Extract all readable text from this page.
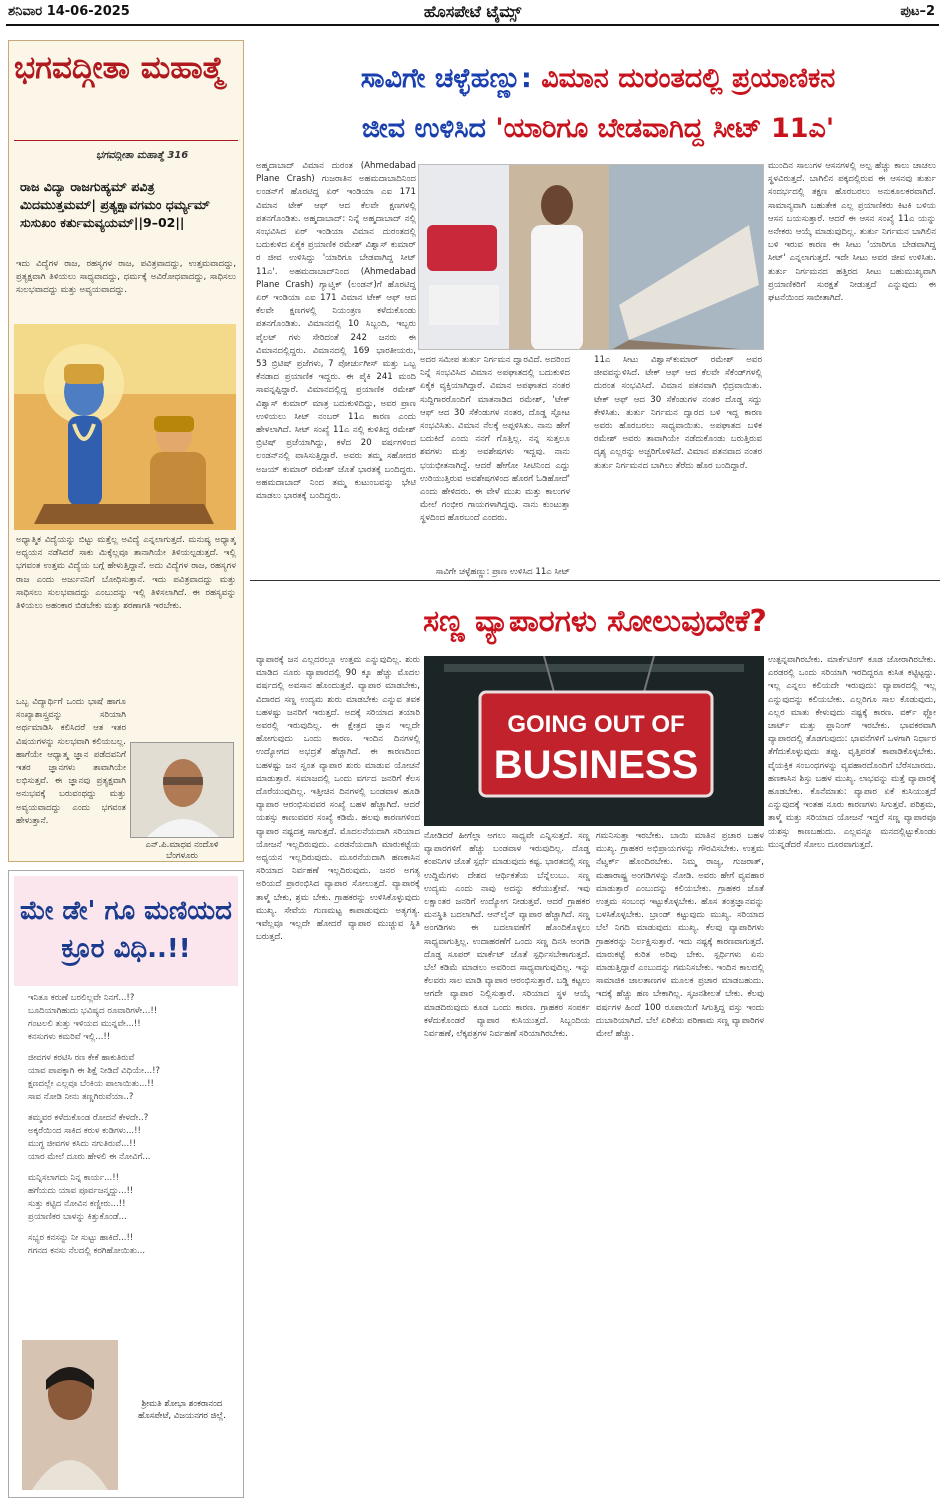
ಶನಿವಾರ 14-06-2025	ಹೊಸಪೇಟೆ ಟೈಮ್ಸ್	ಪುಟ–2
ಭಗವದ್ಗೀತಾ ಮಹಾತ್ಮೆ
ಭಗವದ್ಗೀತಾ ಮಹಾತ್ಮೆ 316
ರಾಜ ವಿದ್ಯಾ ರಾಜಗುಹ್ಯಮ್ ಪವಿತ್ರ ಮಿದಮುತ್ತಮಮ್| ಪ್ರತ್ಯಕ್ಷಾವಗಮಂ ಧರ್ಮ್ಯಮ್ ಸುಸುಖಂ ಕರ್ತುಮವ್ಯಯಮ್||9–02||
ಇದು ವಿದ್ಯೆಗಳ ರಾಜ, ರಹಸ್ಯಗಳ ರಾಜ, ಪವಿತ್ರವಾದದ್ದು, ಉತ್ತಮವಾದದ್ದು, ಪ್ರತ್ಯಕ್ಷವಾಗಿ ತಿಳಿಯಲು ಸಾಧ್ಯವಾದದ್ದು, ಧರ್ಮಕ್ಕೆ ಅವಿರೋಧವಾದದ್ದು, ಸಾಧಿಸಲು ಸುಲಭವಾದದ್ದು ಮತ್ತು ಅವ್ಯಯವಾದದ್ದು.
ಅಧ್ಯಾತ್ಮಿಕ ವಿದ್ಯೆಯನ್ನು ಬಿಟ್ಟು ಮತ್ತೆಲ್ಲ ಅವಿದ್ಯೆ ಎನ್ನಲಾಗುತ್ತದೆ. ಮನುಷ್ಯ ಅಧ್ಯಾತ್ಮ ಅಧ್ಯಯನ ನಡೆಸಿದರೆ ಸಾಕು ಮಿಕ್ಕೆಲ್ಲವೂ ತಾನಾಗಿಯೇ ತಿಳಿಯಲ್ಪಡುತ್ತದೆ. ಇಲ್ಲಿ ಭಗವಂತ ಉತ್ತಮ ವಿದ್ಯೆಯ ಬಗ್ಗೆ ಹೇಳುತ್ತಿದ್ದಾನೆ. ಅದು ವಿದ್ಯೆಗಳ ರಾಜ, ರಹಸ್ಯಗಳ ರಾಜ ಎಂದು ಅರ್ಜುನನಿಗೆ ಬೋಧಿಸುತ್ತಾನೆ. ಇದು ಪವಿತ್ರವಾದದ್ದು ಮತ್ತು ಸಾಧಿಸಲು ಸುಲಭವಾದದ್ದು ಎಂಬುದನ್ನು ಇಲ್ಲಿ ತಿಳಿಸಲಾಗಿದೆ. ಈ ರಹಸ್ಯವನ್ನು ತಿಳಿಯಲು ಅಹಂಕಾರ ಬಿಡಬೇಕು ಮತ್ತು ಶರಣಾಗತಿ ಇರಬೇಕು.
ಒಬ್ಬ ವಿದ್ಯಾರ್ಥಿಗೆ ಒಂದು ಭಾಷೆ ಹಾಗೂ ಸಂಖ್ಯಾಶಾಸ್ತ್ರವನ್ನು ಸರಿಯಾಗಿ ಅರ್ಥಮಾಡಿಸಿ ಕಲಿಸಿದರೆ ಆತ ಇತರ ವಿಷಯಗಳನ್ನು ಸುಲಭವಾಗಿ ಕಲಿಯಬಲ್ಲ. ಹಾಗೆಯೇ ಆಧ್ಯಾತ್ಮ ಜ್ಞಾನ ಪಡೆದವನಿಗೆ ಇತರ ಜ್ಞಾನಗಳು ತಾವಾಗಿಯೇ ಲಭಿಸುತ್ತವೆ. ಈ ಜ್ಞಾನವು ಪ್ರತ್ಯಕ್ಷವಾಗಿ ಅನುಭವಕ್ಕೆ ಬರುವಂಥದ್ದು ಮತ್ತು ಅವ್ಯಯವಾದದ್ದು ಎಂದು ಭಗವಂತ ಹೇಳುತ್ತಾನೆ.
ಎನ್.ಪಿ.ಮಾಧವ ನಂದೊಳಿ ಬೆಂಗಳೂರು
ಮೇ ಡೇ' ಗೂ ಮಣಿಯದ ಕ್ರೂರ ವಿಧಿ..!!
ಇನಿತೂ ಕರುಣೆ ಬರಲಿಲ್ಲವೇ ನಿನಗೆ...!?
ಬೂದಿಯಾಗಿಹುದು ಭವಿಷ್ಯದ ರೂವಾರಿಗಳೇ...!!
ಗಂಟಲಲಿ ತುತ್ತು ಇಳಿಯದ ಮುನ್ನವೇ...!!
ಕನಸುಗಳು ಕಮರಿವೆ ಇಲ್ಲಿ...!!
ಜೀವಗಳ ಕರಟಿಸಿ ರಣ ಕೇಕೆ ಹಾಕುತಿರುವೆ
ಯಾವ ಪಾಪಕ್ಕಾಗಿ ಈ ಶಿಕ್ಷೆ ನೀಡಿದೆ ವಿಧಿಯೇ...!?
ಕ್ಷಣದಲ್ಲೇ ಎಲ್ಲವೂ ಬೆಂಕಿಯ ಪಾಲಾಯಿತು...!!
ಸಾವ ನೋಡಿ ನೀನು ತಣ್ಣಗಿರುವೆಯಾ..?
ತಮ್ಮವರ ಕಳೆದುಕೊಂಡ ರೋದನೆ ಕೇಳದೇ..?
ಅಕ್ಕರೆಯಿಂದ ಸಾಕಿದ ಕರುಳ ಕುಡಿಗಳು...!!
ಮುಗ್ಧ ಜೀವಗಳ ಕಸಿದು ನಗುತಿರುವೆ...!!
ಯಾರ ಮೇಲೆ ದೂರು ಹೇಳಲಿ ಈ ನೋವಿಗೆ...
ಮನ್ನಿಸಲಾಗದು ನಿನ್ನ ಕಾರ್ಯ...!!
ಹಗೆಯದು ಯಾವ ಪೂರ್ವಜನ್ಮದ್ದು...!!
ಸುತ್ತು ಕಟ್ಟಿದ ನೋವಿನ ಕಣ್ಣೀರು...!!
ಪ್ರಯಾಣಿಕರ ಬಾಳನ್ನು ಕಿತ್ತುಕೊಂಡೆ...
ಸಭ್ಯರ ಕನಸನ್ನು ನೀ ಸುಟ್ಟು ಹಾಕಿದೆ...!!
ಗಗನದ ಕನಸು ನೆಲದಲ್ಲಿ ಕರಗಿಹೋಯಿತು...
ಶ್ರೀಮತಿ ಶೋಭಾ ಶಂಕರಾನಂದ ಹೊಸಪೇಟೆ, ವಿಜಯನಗರ ಜಿಲ್ಲೆ.
ಸಾವಿಗೇ ಚಳ್ಳೆಹಣ್ಣು: ವಿಮಾನ ದುರಂತದಲ್ಲಿ ಪ್ರಯಾಣಿಕನ
ಜೀವ ಉಳಿಸಿದ 'ಯಾರಿಗೂ ಬೇಡವಾಗಿದ್ದ ಸೀಟ್ 11ಎ'
ಅಹ್ಮದಾಬಾದ್ ವಿಮಾನ ದುರಂತ (Ahmedabad Plane Crash) ಗುಜರಾತಿನ ಅಹಮದಾಬಾದಿನಿಂದ ಲಂಡನ್‌ಗೆ ಹೊರಟಿದ್ದ ಏರ್ ಇಂಡಿಯಾ ಎಐ 171 ವಿಮಾನ ಟೇಕ್ ಆಫ್ ಆದ ಕೆಲವೇ ಕ್ಷಣಗಳಲ್ಲಿ ಪತನಗೊಂಡಿತು. ಅಹ್ಮದಾಬಾದ್: ನಿನ್ನೆ ಅಹ್ಮದಾಬಾದ್ ನಲ್ಲಿ ಸಂಭವಿಸಿದ ಏರ್ ಇಂಡಿಯಾ ವಿಮಾನ ದುರಂತದಲ್ಲಿ ಬದುಕುಳಿದ ಏಕೈಕ ಪ್ರಯಾಣಿಕ ರಮೇಶ್ ವಿಶ್ವಾಸ್ ಕುಮಾರ್ ರ ಜೀವ ಉಳಿಸಿದ್ದು 'ಯಾರಿಗೂ ಬೇಡವಾಗಿದ್ದ ಸೀಟ್ 11ಎ'. ಅಹಮದಾಬಾದ್‌ನಿಂದ (Ahmedabad Plane Crash) ಗ್ಯಾಟ್ವಿಕ್ (ಲಂಡನ್)ಗೆ ಹೊರಟಿದ್ದ ಏರ್ ಇಂಡಿಯಾ ಎಐ 171 ವಿಮಾನ ಟೇಕ್ ಆಫ್ ಆದ ಕೆಲವೇ ಕ್ಷಣಗಳಲ್ಲಿ ನಿಯಂತ್ರಣ ಕಳೆದುಕೊಂಡು ಪತನಗೊಂಡಿತು. ವಿಮಾನದಲ್ಲಿ 10 ಸಿಬ್ಬಂದಿ, ಇಬ್ಬರು ಪೈಲಟ್ ಗಳು ಸೇರಿದಂತೆ 242 ಜನರು ಈ ವಿಮಾನದಲ್ಲಿದ್ದರು. ವಿಮಾನದಲ್ಲಿ 169 ಭಾರತೀಯರು, 53 ಬ್ರಿಟಿಷ್ ಪ್ರಜೆಗಳು, 7 ಪೋರ್ಚುಗೀಸ್ ಮತ್ತು ಒಬ್ಬ ಕೆನಡಾದ ಪ್ರಯಾಣಿಕ ಇದ್ದರು. ಈ ಪೈಕಿ 241 ಮಂದಿ ಸಾವನ್ನಪ್ಪಿದ್ದಾರೆ. ವಿಮಾನದಲ್ಲಿದ್ದ ಪ್ರಯಾಣಿಕ ರಮೇಶ್ ವಿಶ್ವಾಸ್ ಕುಮಾರ್ ಮಾತ್ರ ಬದುಕುಳಿದಿದ್ದು, ಅವರ ಪ್ರಾಣ ಉಳಿಯಲು ಸೀಟ್ ನಂಬರ್ 11ಎ ಕಾರಣ ಎಂದು ಹೇಳಲಾಗಿದೆ. ಸೀಟ್ ಸಂಖ್ಯೆ 11ಎ ನಲ್ಲಿ ಕುಳಿತಿದ್ದ ರಮೇಶ್ ಬ್ರಿಟಿಷ್ ಪ್ರಜೆಯಾಗಿದ್ದು, ಕಳೆದ 20 ವರ್ಷಗಳಿಂದ ಲಂಡನ್‌ನಲ್ಲಿ ವಾಸಿಸುತ್ತಿದ್ದಾರೆ. ಅವರು ತಮ್ಮ ಸಹೋದರ ಅಜಯ್ ಕುಮಾರ್ ರಮೇಶ್ ಜೊತೆ ಭಾರತಕ್ಕೆ ಬಂದಿದ್ದರು. ಅಹಮದಾಬಾದ್ ನಿಂದ ತಮ್ಮ ಕುಟುಂಬವನ್ನು ಭೇಟಿ ಮಾಡಲು ಭಾರತಕ್ಕೆ ಬಂದಿದ್ದರು.
ಅದರ ಸಮೀಪ ತುರ್ತು ನಿರ್ಗಮನ ದ್ವಾರವಿದೆ. ಅದರಿಂದ ನಿನ್ನೆ ಸಂಭವಿಸಿದ ವಿಮಾನ ಅಪಘಾತದಲ್ಲಿ ಬದುಕುಳಿದ ಏಕೈಕ ವ್ಯಕ್ತಿಯಾಗಿದ್ದಾರೆ. ವಿಮಾನ ಅಪಘಾತದ ನಂತರ ಸುದ್ದಿಗಾರರೊಂದಿಗೆ ಮಾತನಾಡಿದ ರಮೇಶ್, 'ಟೇಕ್ ಆಫ್ ಆದ 30 ಸೆಕೆಂಡುಗಳ ನಂತರ, ದೊಡ್ಡ ಸ್ಫೋಟ ಸಂಭವಿಸಿತು. ವಿಮಾನ ನೆಲಕ್ಕೆ ಅಪ್ಪಳಿಸಿತು. ನಾನು ಹೇಗೆ ಬದುಕಿದೆ ಎಂದು ನನಗೆ ಗೊತ್ತಿಲ್ಲ. ನನ್ನ ಸುತ್ತಲೂ ಶವಗಳು ಮತ್ತು ಅವಶೇಷಗಳು ಇದ್ದವು. ನಾನು ಭಯಭೀತನಾಗಿದ್ದೆ. ಆದರೆ ಹೇಗೋ ಸೀಟಿನಿಂದ ಎದ್ದು ಉರಿಯುತ್ತಿರುವ ಅವಶೇಷಗಳಿಂದ ಹೊರಗೆ ಓಡಿಹೋದೆ' ಎಂದು ಹೇಳಿದರು. ಈ ವೇಳೆ ಮುಖ ಮತ್ತು ಕಾಲುಗಳ ಮೇಲೆ ಗಂಭೀರ ಗಾಯಗಳಾಗಿದ್ದವು. ನಾನು ಕುಂಟುತ್ತಾ ಸ್ಥಳದಿಂದ ಹೊರಬಂದೆ ಎಂದರು.
ಸಾವಿಗೇ ಚಳ್ಳೆಹಣ್ಣು: ಪ್ರಾಣ ಉಳಿಸಿದ 11ಎ ಸೀಟ್
11ಎ ಸೀಟು ವಿಶ್ವಾಸ್‌ಕುಮಾರ್ ರಮೇಶ್ ಅವರ ಜೀವವನ್ನುಳಿಸಿದೆ. ಟೇಕ್ ಆಫ್ ಆದ ಕೆಲವೇ ಸೆಕೆಂಡ್‌ಗಳಲ್ಲಿ ದುರಂತ ಸಂಭವಿಸಿದೆ. ವಿಮಾನ ಪತನವಾಗಿ ಛಿದ್ರವಾಯಿತು. ಟೇಕ್ ಆಫ್ ಆದ 30 ಸೆಕೆಂಡುಗಳ ನಂತರ ದೊಡ್ಡ ಸದ್ದು ಕೇಳಿಸಿತು. ತುರ್ತು ನಿರ್ಗಮನ ದ್ವಾರದ ಬಳಿ ಇದ್ದ ಕಾರಣ ಅವರು ಹೊರಬರಲು ಸಾಧ್ಯವಾಯಿತು. ಅಪಘಾತದ ಬಳಿಕ ರಮೇಶ್ ಅವರು ತಾವಾಗಿಯೇ ನಡೆದುಕೊಂಡು ಬರುತ್ತಿರುವ ದೃಶ್ಯ ಎಲ್ಲರನ್ನು ಅಚ್ಚರಿಗೊಳಿಸಿದೆ. ವಿಮಾನ ಪತನವಾದ ನಂತರ ತುರ್ತು ನಿರ್ಗಮನದ ಬಾಗಿಲು ತೆರೆದು ಹೊರ ಬಂದಿದ್ದಾರೆ.
ಮುಂದಿನ ಸಾಲುಗಳ ಆಸನಗಳಲ್ಲಿ ಅಲ್ಪ ಹೆಚ್ಚು ಕಾಲು ಚಾಚಲು ಸ್ಥಳವಿರುತ್ತದೆ. ಬಾಗಿಲಿನ ಪಕ್ಕದಲ್ಲಿರುವ ಈ ಆಸನವು ತುರ್ತು ಸಂದರ್ಭದಲ್ಲಿ ತಕ್ಷಣ ಹೊರಬರಲು ಅನುಕೂಲಕರವಾಗಿದೆ. ಸಾಮಾನ್ಯವಾಗಿ ಬಹುತೇಕ ಎಲ್ಲ ಪ್ರಯಾಣಿಕರು ಕಿಟಕಿ ಬಳಿಯ ಆಸನ ಬಯಸುತ್ತಾರೆ. ಆದರೆ ಈ ಆಸನ ಸಂಖ್ಯೆ 11ಎ ಯನ್ನು ಅನೇಕರು ಆಯ್ಕೆ ಮಾಡುವುದಿಲ್ಲ. ತುರ್ತು ನಿರ್ಗಮನ ಬಾಗಿಲಿನ ಬಳಿ ಇರುವ ಕಾರಣ ಈ ಸೀಟು 'ಯಾರಿಗೂ ಬೇಡವಾಗಿದ್ದ ಸೀಟ್' ಎನ್ನಲಾಗುತ್ತದೆ. ಇದೇ ಸೀಟು ಅವರ ಜೀವ ಉಳಿಸಿತು. ತುರ್ತು ನಿರ್ಗಮನದ ಹತ್ತಿರದ ಸೀಟು ಬಹುಮುಖ್ಯವಾಗಿ ಪ್ರಯಾಣಿಕರಿಗೆ ಸುರಕ್ಷತೆ ನೀಡುತ್ತದೆ ಎನ್ನುವುದು ಈ ಘಟನೆಯಿಂದ ಸಾಬೀತಾಗಿದೆ.
ಸಣ್ಣ ವ್ಯಾಪಾರಗಳು ಸೋಲುವುದೇಕೆ?
ವ್ಯಾಪಾರಕ್ಕೆ ಜನ ಎಲ್ಲದರಲ್ಲೂ ಉತ್ತಮ ಎನ್ನುವುದಿಲ್ಲ. ಶುರು ಮಾಡಿದ ನೂರು ವ್ಯಾಪಾರದಲ್ಲಿ 90 ಕ್ಕೂ ಹೆಚ್ಚು ಮೊದಲ ವರ್ಷದಲ್ಲಿ ಅವಸಾನ ಹೊಂದುತ್ತವೆ. ವ್ಯಾಪಾರ ಮಾಡಬೇಕು, ವಿದಾರದ ಸಣ್ಣ ಉದ್ಯಮ ಶುರು ಮಾಡಬೇಕು ಎನ್ನುವ ತವಕ ಬಹಳಷ್ಟು ಜನರಿಗೆ ಇರುತ್ತದೆ. ಅದಕ್ಕೆ ಸರಿಯಾದ ತಯಾರಿ ಅವರಲ್ಲಿ ಇರುವುದಿಲ್ಲ. ಈ ಕ್ಷೇತ್ರದ ಜ್ಞಾನ ಇಲ್ಲದೇ ಹೋಗುವುದು ಒಂದು ಕಾರಣ. ಇಂದಿನ ದಿನಗಳಲ್ಲಿ ಉದ್ಯೋಗದ ಅಭದ್ರತೆ ಹೆಚ್ಚಾಗಿದೆ. ಈ ಕಾರಣದಿಂದ ಬಹಳಷ್ಟು ಜನ ಸ್ವಂತ ವ್ಯಾಪಾರ ಶುರು ಮಾಡುವ ಯೋಚನೆ ಮಾಡುತ್ತಾರೆ. ಸಮಾಜದಲ್ಲಿ ಒಂದು ವರ್ಗದ ಜನರಿಗೆ ಕೆಲಸ ದೊರೆಯುವುದಿಲ್ಲ. ಇತ್ತೀಚಿನ ದಿನಗಳಲ್ಲಿ ಬಂಡವಾಳ ಹೂಡಿ ವ್ಯಾಪಾರ ಆರಂಭಿಸುವವರ ಸಂಖ್ಯೆ ಬಹಳ ಹೆಚ್ಚಾಗಿದೆ. ಆದರೆ ಯಶಸ್ಸು ಕಾಣುವವರ ಸಂಖ್ಯೆ ಕಡಿಮೆ. ಹಲವು ಕಾರಣಗಳಿಂದ ವ್ಯಾಪಾರ ನಷ್ಟದತ್ತ ಸಾಗುತ್ತದೆ. ಮೊದಲನೆಯದಾಗಿ ಸರಿಯಾದ ಯೋಜನೆ ಇಲ್ಲದಿರುವುದು. ಎರಡನೆಯದಾಗಿ ಮಾರುಕಟ್ಟೆಯ ಅಧ್ಯಯನ ಇಲ್ಲದಿರುವುದು. ಮೂರನೆಯದಾಗಿ ಹಣಕಾಸಿನ ಸರಿಯಾದ ನಿರ್ವಹಣೆ ಇಲ್ಲದಿರುವುದು. ಜನರ ಅಗತ್ಯ ಅರಿಯದೆ ಪ್ರಾರಂಭಿಸಿದ ವ್ಯಾಪಾರ ಸೋಲುತ್ತದೆ. ವ್ಯಾಪಾರಕ್ಕೆ ತಾಳ್ಮೆ ಬೇಕು, ಶ್ರಮ ಬೇಕು. ಗ್ರಾಹಕರನ್ನು ಉಳಿಸಿಕೊಳ್ಳುವುದು ಮುಖ್ಯ. ಸೇವೆಯ ಗುಣಮಟ್ಟ ಕಾಪಾಡುವುದು ಅತ್ಯಗತ್ಯ. ಇವೆಲ್ಲವೂ ಇಲ್ಲದೇ ಹೋದರೆ ವ್ಯಾಪಾರ ಮುಚ್ಚುವ ಸ್ಥಿತಿ ಬರುತ್ತದೆ.
GOING OUT OF
BUSINESS
ನೋಡಿದರೆ ಹೀಗೆಲ್ಲಾ ಅಗಲು ಸಾಧ್ಯವೇ ಎನ್ನಿಸುತ್ತದೆ. ಸಣ್ಣ ವ್ಯಾಪಾರಗಳಿಗೆ ಹೆಚ್ಚು ಬಂಡವಾಳ ಇರುವುದಿಲ್ಲ. ದೊಡ್ಡ ಕಂಪನಿಗಳ ಜೊತೆ ಸ್ಪರ್ಧೆ ಮಾಡುವುದು ಕಷ್ಟ. ಭಾರತದಲ್ಲಿ ಸಣ್ಣ ಉದ್ದಿಮೆಗಳು ದೇಶದ ಆರ್ಥಿಕತೆಯ ಬೆನ್ನೆಲುಬು. ಸಣ್ಣ ಉದ್ಯಮ ಎಂದು ನಾವು ಅದನ್ನು ಕರೆಯುತ್ತೇವೆ. ಇವು ಲಕ್ಷಾಂತರ ಜನರಿಗೆ ಉದ್ಯೋಗ ನೀಡುತ್ತವೆ. ಆದರೆ ಗ್ರಾಹಕರ ಮನಸ್ಥಿತಿ ಬದಲಾಗಿದೆ. ಆನ್‌ಲೈನ್ ವ್ಯಾಪಾರ ಹೆಚ್ಚಾಗಿದೆ. ಸಣ್ಣ ಅಂಗಡಿಗಳು ಈ ಬದಲಾವಣೆಗೆ ಹೊಂದಿಕೊಳ್ಳಲು ಸಾಧ್ಯವಾಗುತ್ತಿಲ್ಲ. ಉದಾಹರಣೆಗೆ ಒಂದು ಸಣ್ಣ ದಿನಸಿ ಅಂಗಡಿ ದೊಡ್ಡ ಸೂಪರ್ ಮಾರ್ಕೆಟ್ ಜೊತೆ ಸ್ಪರ್ಧಿಸಬೇಕಾಗುತ್ತದೆ. ಬೆಲೆ ಕಡಿಮೆ ಮಾಡಲು ಅವರಿಂದ ಸಾಧ್ಯವಾಗುವುದಿಲ್ಲ. ಇನ್ನು ಕೆಲವರು ಸಾಲ ಮಾಡಿ ವ್ಯಾಪಾರ ಆರಂಭಿಸುತ್ತಾರೆ. ಬಡ್ಡಿ ಕಟ್ಟಲು ಆಗದೇ ವ್ಯಾಪಾರ ನಿಲ್ಲಿಸುತ್ತಾರೆ. ಸರಿಯಾದ ಸ್ಥಳ ಆಯ್ಕೆ ಮಾಡದಿರುವುದು ಕೂಡ ಒಂದು ಕಾರಣ. ಗ್ರಾಹಕರ ಸಂಪರ್ಕ ಕಳೆದುಕೊಂಡರೆ ವ್ಯಾಪಾರ ಕುಸಿಯುತ್ತದೆ. ಸಿಬ್ಬಂದಿಯ ನಿರ್ವಹಣೆ, ಲೆಕ್ಕಪತ್ರಗಳ ನಿರ್ವಹಣೆ ಸರಿಯಾಗಿರಬೇಕು.
ಗಮನಿಸುತ್ತಾ ಇರಬೇಕು. ಬಾಯಿ ಮಾತಿನ ಪ್ರಚಾರ ಬಹಳ ಮುಖ್ಯ. ಗ್ರಾಹಕರ ಅಭಿಪ್ರಾಯಗಳನ್ನು ಗೌರವಿಸಬೇಕು. ಉತ್ತಮ ನೆಟ್ವರ್ಕ್ ಹೊಂದಿರಬೇಕು. ನಿಮ್ಮ ರಾಜ್ಯ, ಗುಜರಾತ್, ಮಹಾರಾಷ್ಟ್ರ ಅಂಗಡಿಗಳನ್ನು ನೋಡಿ. ಅವರು ಹೇಗೆ ವ್ಯವಹಾರ ಮಾಡುತ್ತಾರೆ ಎಂಬುದನ್ನು ಕಲಿಯಬೇಕು. ಗ್ರಾಹಕರ ಜೊತೆ ಉತ್ತಮ ಸಂಬಂಧ ಇಟ್ಟುಕೊಳ್ಳಬೇಕು. ಹೊಸ ತಂತ್ರಜ್ಞಾನವನ್ನು ಬಳಸಿಕೊಳ್ಳಬೇಕು. ಬ್ರಾಂಡ್ ಕಟ್ಟುವುದು ಮುಖ್ಯ. ಸರಿಯಾದ ಬೆಲೆ ನಿಗದಿ ಮಾಡುವುದು ಮುಖ್ಯ. ಕೆಲವು ವ್ಯಾಪಾರಿಗಳು ಗ್ರಾಹಕರನ್ನು ನಿರ್ಲಕ್ಷಿಸುತ್ತಾರೆ. ಇದು ನಷ್ಟಕ್ಕೆ ಕಾರಣವಾಗುತ್ತದೆ. ಮಾರುಕಟ್ಟೆ ಕುರಿತ ಅರಿವು ಬೇಕು. ಸ್ಪರ್ಧಿಗಳು ಏನು ಮಾಡುತ್ತಿದ್ದಾರೆ ಎಂಬುದನ್ನು ಗಮನಿಸಬೇಕು. ಇಂದಿನ ಕಾಲದಲ್ಲಿ ಸಾಮಾಜಿಕ ಜಾಲತಾಣಗಳ ಮೂಲಕ ಪ್ರಚಾರ ಮಾಡಬಹುದು. ಇದಕ್ಕೆ ಹೆಚ್ಚು ಹಣ ಬೇಕಾಗಿಲ್ಲ. ಸೃಜನಶೀಲತೆ ಬೇಕು. ಕೆಲವು ವರ್ಷಗಳ ಹಿಂದೆ 100 ರೂಪಾಯಿಗೆ ಸಿಗುತ್ತಿದ್ದ ವಸ್ತು ಇಂದು ದುಬಾರಿಯಾಗಿದೆ. ಬೆಲೆ ಏರಿಕೆಯ ಪರಿಣಾಮ ಸಣ್ಣ ವ್ಯಾಪಾರಿಗಳ ಮೇಲೆ ಹೆಚ್ಚು.
ಉತ್ಪನ್ನವಾಗಿರಬೇಕು. ಮಾರ್ಕೆಟಿಂಗ್ ಕೂಡ ಜೋರಾಗಿರಬೇಕು. ಎರಡರಲ್ಲಿ ಒಂದು ಸರಿಯಾಗಿ ಇರದಿದ್ದರೂ ಕುಸಿತ ಕಟ್ಟಿಟ್ಟದ್ದು. ಇಲ್ಲ ಎನ್ನಲು ಕಲಿಯದೇ ಇರುವುದು: ವ್ಯಾಪಾರದಲ್ಲಿ ಇಲ್ಲ ಎನ್ನುವುದನ್ನು ಕಲಿಯಬೇಕು. ಎಲ್ಲರಿಗೂ ಸಾಲ ಕೊಡುವುದು, ಎಲ್ಲರ ಮಾತು ಕೇಳುವುದು ನಷ್ಟಕ್ಕೆ ಕಾರಣ. ವರ್ಕ್ ಫ್ಲೋ ಚಾರ್ಟ್ ಮತ್ತು ಪ್ಲಾನಿಂಗ್ ಇರಬೇಕು. ಭಾವಕರವಾಗಿ ವ್ಯಾಪಾರದಲ್ಲಿ ತೊಡಗುವುದು: ಭಾವನೆಗಳಿಗೆ ಒಳಗಾಗಿ ನಿರ್ಧಾರ ತೆಗೆದುಕೊಳ್ಳುವುದು ತಪ್ಪು. ವೃತ್ತಿಪರತೆ ಕಾಪಾಡಿಕೊಳ್ಳಬೇಕು. ವೈಯಕ್ತಿಕ ಸಂಬಂಧಗಳನ್ನು ವ್ಯವಹಾರದೊಂದಿಗೆ ಬೆರೆಸಬಾರದು. ಹಣಕಾಸಿನ ಶಿಸ್ತು ಬಹಳ ಮುಖ್ಯ. ಲಾಭವನ್ನು ಮತ್ತೆ ವ್ಯಾಪಾರಕ್ಕೆ ಹೂಡಬೇಕು. ಕೊನೆಮಾತು: ವ್ಯಾಪಾರ ಏಕೆ ಕುಸಿಯುತ್ತದೆ ಎನ್ನುವುದಕ್ಕೆ ಇಂತಹ ನೂರು ಕಾರಣಗಳು ಸಿಗುತ್ತವೆ. ಪರಿಶ್ರಮ, ತಾಳ್ಮೆ ಮತ್ತು ಸರಿಯಾದ ಯೋಜನೆ ಇದ್ದರೆ ಸಣ್ಣ ವ್ಯಾಪಾರವೂ ಯಶಸ್ಸು ಕಾಣಬಹುದು. ಎಲ್ಲವನ್ನೂ ಮನದಲ್ಲಿಟ್ಟುಕೊಂಡು ಮುನ್ನಡೆದರೆ ಸೋಲು ದೂರವಾಗುತ್ತದೆ.
